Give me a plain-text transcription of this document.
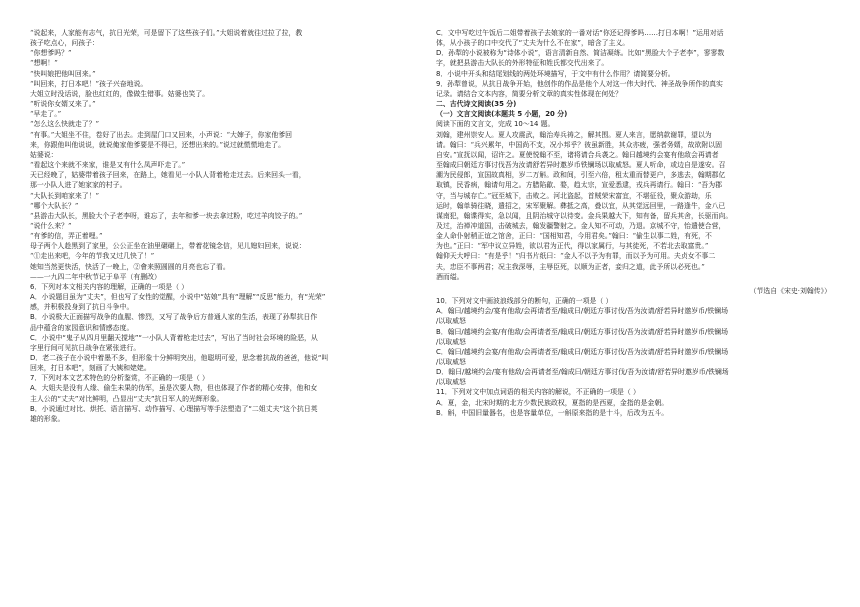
“说起来，人家能有志气，抗日光荣，可是留下了这些孩子们。”大姐说着就往过拉了拉，教
孩子吃点心，问孩子：
“你想爹吗？”
“想啊！”
“快叫娘把他叫回来。”
“叫回来，打日本吧！”孩子兴奋地说。
大姐立时没话说，脸也红红的，像做生错事。姑婆也笑了。
“听说你女婿又来了。”
“早走了。”
“怎么这么快就走了？”
“有事。”大姐坐不住，卷好了出去。走到屋门口又回来，小声说：“大婶子，你家他爹回
来，你跟他叫他说说，就说俺家他爹要是不得已，还想出来的。”说过就慌慌地走了。
姑婆说：
“看起这个来就不来家，谁是又有什么凤声吓走了。”
天已经晚了，姑婆带着孩子回来，在路上，她看见一小队人背着枪走过去。后来回头一看，
那一小队人进了她家家的村子。
“大队长到咱家来了！”
“哪个大队长？”
“县游击大队长，黑脸大个子老李呀，谁忘了，去年和爹一块去拿过粉，吃过羊肉饺子的。”
“说什么来？”
“有爹的信，弄正着哩。”
母子两个人趁黑到了家里，公公正坐在油里碾碾上，带着花镜念信，见儿媳妇回来，说说：
“①走出来吧，今年的节我又过几快了！”
她知当然更快活，快活了一晚上，②會来照圆圆的月亮也忘了看。
——一九四二年中秋节记于阜平（有删改）
6．下列对本文相关内容的理解，正确的一项是（ ）
A．小说题目虽为“丈夫”，但也写了女性的觉醒，小说中“姑娘”具有“理解”“反思”能力，有“光荣”
感，并积极投身到了抗日斗争中。
B．小说极大正面描写战争的血腥、惨烈，又写了战争后方普通人家的生活，表现了孙犁抗日作
品中蕴含的家园意识和情感态度。
C．小说中“鬼子从四月里翻天搅地”“一小队人背着枪走过去”，写出了当时社会环境的险恶，从
字里行间可见抗日战争在紧张进行。
D．老二孩子在小说中着墨不多，但形象十分鲜明突出，他聪明可爱，思念着抗战的爸爸，他说“叫
回来，打日本吧”，刻画了大姨和姥姥。
7．下列对本文艺术特色的分析鉴赏，不正确的一项是（ ）
A．大姐夫是没有人缘、偷生未果的伪军，虽是次要人物，但也体现了作者的精心安排，他和女
主人公的“丈夫”对比鲜明，凸显出“丈夫”抗日军人的光辉形象。
B．小说通过对比、烘托、语言描写、动作描写、心理描写等手法塑造了“二姐丈夫”这个抗日英
雄的形象。
C．文中写吃过午饭后二姐带着孩子去娘家的一番对话“你还记得爹吗……打日本啊！”运用对话
体，从小孩子的口中交代了“丈夫为什么不在家”，暗含了主义。
D．孙犁的小说被称为“诗体小说”，语言清新自然、简洁凝练。比如“黑脸大个子老李”，寥寥数
字，就把县游击大队长的外形特征和姓氏都交代出来了。
8．小说中开头和结尾划线的两处环境描写，于文中有什么作用？请简要分析。
9．孙犁曾说，从抗日战争开始，他创作的作品是他个人对这一伟大时代、神圣战争所作的真实
记录。请结合文本内容，简要分析文章的真实性体现在何处？
二、古代诗文阅读(35 分)
（一）文言文阅读(本题共 5 小题，20 分)
阅读下面的文言文，完成 10～14 题。
刘翰，建州崇安人。夏人攻震武，翰治寿兵祷之，解其围。夏人来言，愿纳款谢罪，望以为
请。翰曰：“兵兴累年，中国尚不支，况小邦乎？彼虽新胜，其众亦疲，强者务婿，故欲附以固
自安。”宣抚以闻，诏许之。夏使悦翰不至，诸将请合兵袭之。翰曰越境约会宴有他敌会再请者
至翰成曰朝廷方事讨伐吾为汝请舒若异时邀岁币铁镧场以取威怒。夏人听命，或边自是遂安。召
潮为民侵郎，宣国故真相，岁二万斛。政和间，引至六倍，租太重而替更户，多逃去，翰期郡亿
取镇，民香病，翰请句用之。方腊陷歙、婺，趋太宗，宣爱悉逮，戎兵再请行。翰曰：“吾为郡
守，当与城存亡。”冠至城下，击败之。河北盗起，首贼荣宋富宜，不堪征役，聚众游劫，乐
运时，翰单骑往晓，遣招之，宋军聚解。彝抵之高，叠以宜，从其觉远回里，一路逢牛，金八已
谋南犯，翰谍得实，急以闻，且阴治城守以待变。金兵果越大下，知有备，留兵其舍，长驱而向。
及过，治禅冲道国，击破城去，翰发疆警射之。金人知不可动，乃退。京城不守，怡遣使合营，
金人命仆射稍正谊之馆舍，正曰：“国相知君，今用君矣。”翰曰：“偷生以事二姓，有死，不
为也。”正曰：“军中议立异姓，欲以君为正代，得以家属行，与其徒死，不若北去取富贵。”
翰仰天大呼曰：“有是乎！”归书片纸曰：“金人不以予为有罪，而以予为可用。夫贞女不事二
夫，忠臣不事两君；况主我深辱，主辱臣死，以顺为正者，妾归之道，此予所以必死也。”
酒而缢。
（节选自《宋史·刘翰传》）
10．下列对文中画波浪线部分的断句，正确的一项是（ ）
A．翰曰/越境约会/宴有他敌/会再请者至/翰成曰/朝廷方事讨伐/吾为汝请/舒若异时邀岁币/铁镧场
/以取威怒
B．翰曰/越境约会宴/有他敌/会再请者至/翰成曰/朝廷方事讨伐/吾为汝请/舒若异时邀岁币/铁镧场
/以取威怒
C．翰曰/越境约会宴/有他敌/会再请者至/翰成曰/朝廷方事讨伐/吾为汝请/舒若异时邀岁币/铁镧场
/以取威怒
D．翰曰/越境约会/宴有他敌/会再请者至/翰成曰/朝廷方事讨伐/吾为汝请/舒若异时邀岁币/铁镧场
/以取威怒
11．下列对文中加点词语的相关内容的解说，不正确的一项是（ ）
A．夏，金，北宋时期的北方少数民族政权，夏指的是西夏，金指的是金朝。
B．斛，中国旧量器名，也是容量单位，一斛原来指的是十斗，后改为五斗。
